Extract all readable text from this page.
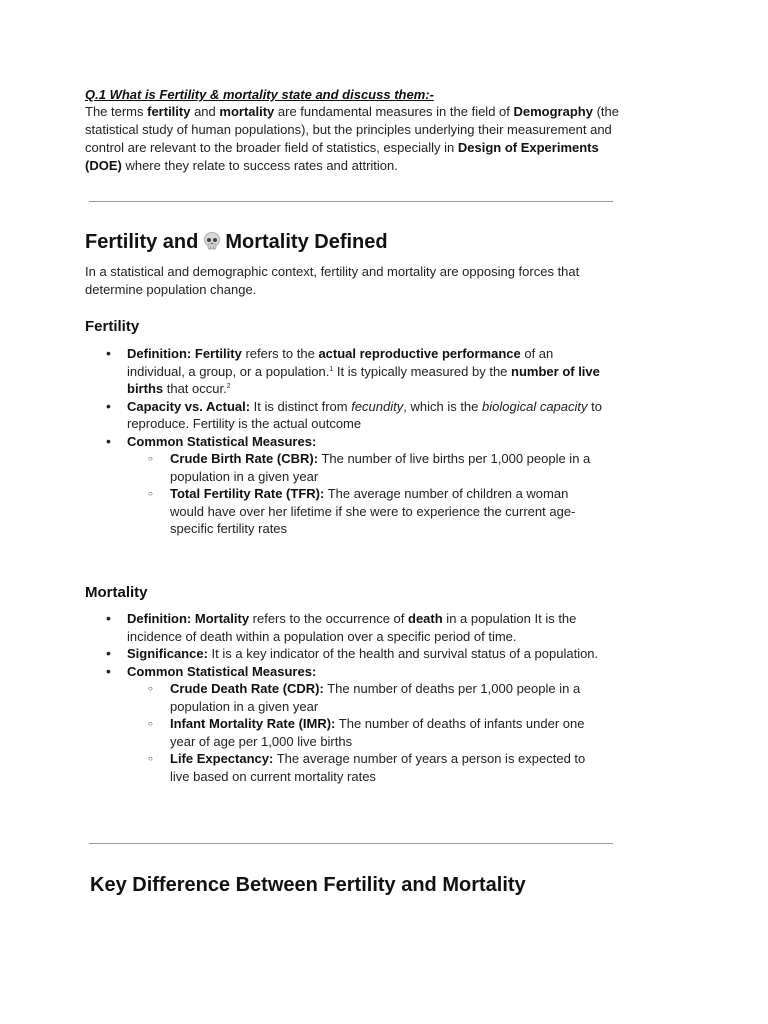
Q.1 What is Fertility & mortality state and discuss them:-
The terms fertility and mortality are fundamental measures in the field of Demography (the statistical study of human populations), but the principles underlying their measurement and control are relevant to the broader field of statistics, especially in Design of Experiments (DOE) where they relate to success rates and attrition.
Fertility and Mortality Defined
In a statistical and demographic context, fertility and mortality are opposing forces that determine population change.
Fertility
• Definition: Fertility refers to the actual reproductive performance of an individual, a group, or a population.$^1$ It is typically measured by the number of live births that occur.$^2$
• Capacity vs. Actual: It is distinct from fecundity, which is the biological capacity to reproduce. Fertility is the actual outcome
• Common Statistical Measures:
○ Crude Birth Rate (CBR): The number of live births per 1,000 people in a population in a given year
○ Total Fertility Rate (TFR): The average number of children a woman would have over her lifetime if she were to experience the current age-specific fertility rates
Mortality
• Definition: Mortality refers to the occurrence of death in a population It is the incidence of death within a population over a specific period of time.
• Significance: It is a key indicator of the health and survival status of a population.
• Common Statistical Measures:
○ Crude Death Rate (CDR): The number of deaths per 1,000 people in a population in a given year
○ Infant Mortality Rate (IMR): The number of deaths of infants under one year of age per 1,000 live births
○ Life Expectancy: The average number of years a person is expected to live based on current mortality rates
Key Difference Between Fertility and Mortality
